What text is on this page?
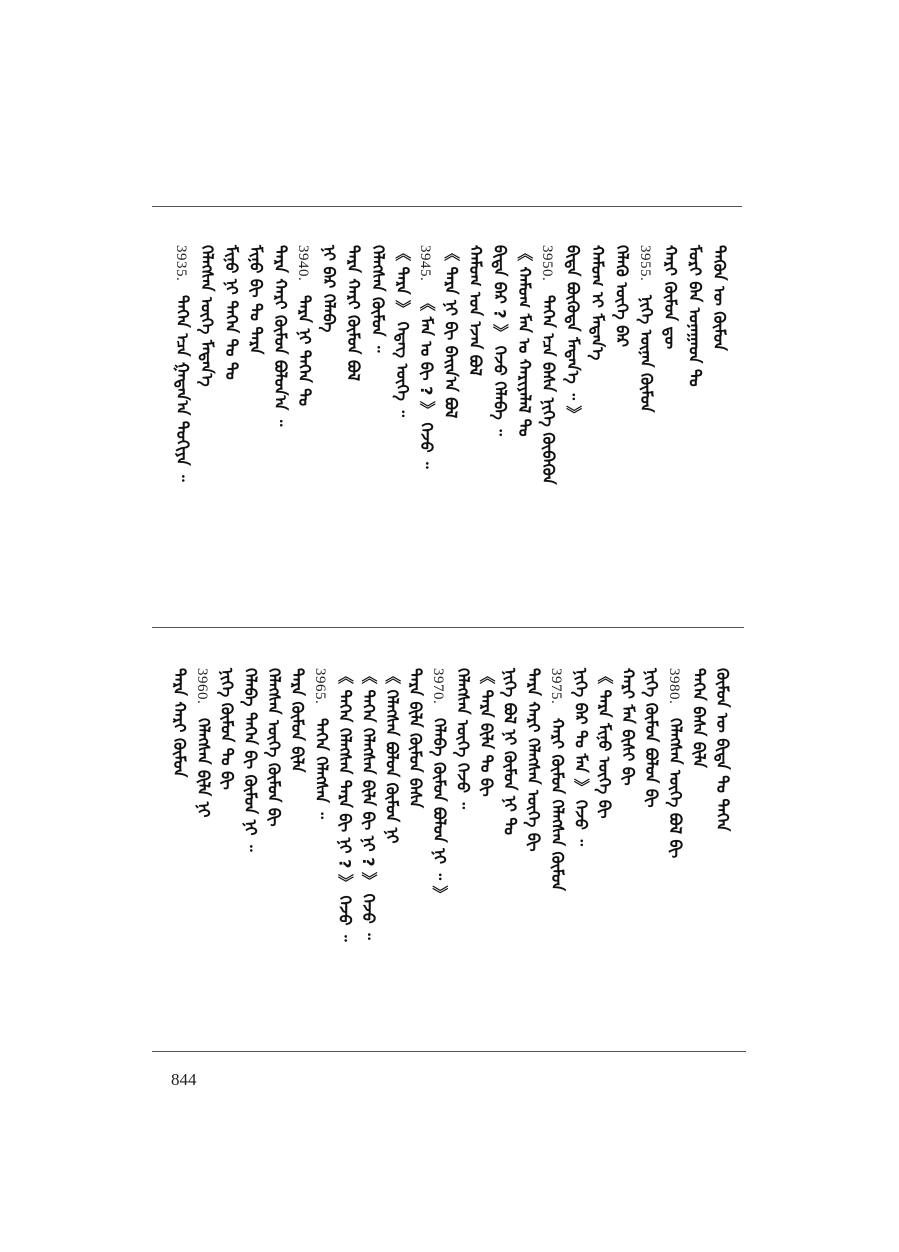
ᠲᠡᠭᠦᠨ ᠦ ᠬᠦᠮᠦᠨ
ᠮᠣᠷᠢ ᠪᠠᠨ ᠤᠨᠠᠭᠠᠳ ᠲᠤ
ᠬᠠᠷᠢ ᠬᠦᠮᠦᠨ ᠳᠦ
3955.
ᠨᠢᠭᠡ ᠦᠨᠡᠨ ᠬᠦᠮᠦᠨ
ᠬᠡᠯᠡᠬᠦ ᠦᠭᠡ ᠪᠠᠷ
ᠬᠠᠮᠤᠭ ᠢ ᠮᠡᠳᠡᠨ᠎ᠡ
ᠪᠢᠳᠡ ᠪᠦᠭᠦᠳᠡ ᠮᠡᠳᠡᠨ᠎ᠡ ᠃ 》
3950.
ᠲᠡᠭᠡᠨ ᠡᠴᠡ ᠪᠠᠰᠠ ᠨᠢᠭᠡ ᠬᠥᠪᠡᠭᠦᠨ
《 ᠬᠠᠮᠤᠭ ᠮᠠᠨ ᠤ ᠬᠠᠷᠢᠶᠠᠯᠠᠯ ᠲᠤ
ᠪᠢᠳᠡ ᠪᠠᠷ ? 》 ᠭᠡᠵᠦ ᠬᠡᠯᠡᠪᠡ ᠃
ᠬᠠᠮᠤᠭ ᠤᠨ ᠡᠵᠡᠨ ᠪᠣᠯ
《 ᠲᠡᠷᠡ ᠨᠢ ᠪᠢ ᠪᠠᠢ᠌ᠨ᠎ᠠ ᠪᠣᠯ
3945.
《 ᠮᠠᠨ ᠤ ᠪᠢ ? 》 ᠭᠡᠵᠦ ᠃
《 ᠲᠡᠷᠡ 》 ᠭᠡᠳᠡᠭ ᠦᠭᠡ ᠃
ᠬᠡᠯᠡᠭᠰᠡᠨ ᠬᠦᠮᠦᠨ ᠃
ᠲᠡᠷᠡ ᠬᠠᠷᠢ ᠬᠦᠮᠦᠨ ᠪᠣᠯ
ᠨᠢ ᠪᠠᠷ ᠬᠡᠯᠡᠪᠡ
3940.
ᠲᠡᠷᠡ ᠨᠢ ᠲᠡᠭᠡᠨ ᠲᠤ
ᠲᠡᠷᠡ ᠬᠠᠷᠢ ᠬᠦᠮᠦᠨ ᠪᠣᠯᠤᠨ᠎ᠠ ᠃
ᠮᠢᠨᠤ ᠪᠢ ᠲᠤ ᠲᠡᠷᠡ
ᠮᠢᠨᠤ ᠨᠢ ᠲᠡᠭᠡᠨ ᠲᠤ ᠲᠤ
ᠬᠡᠯᠡᠭᠰᠡᠨ ᠦᠭᠡ ᠮᠡᠳᠡᠨ᠎ᠡ
3935.
ᠲᠡᠭᠡᠨ ᠡᠴᠡ ᠭᠠᠳᠠᠨ᠎ᠠ ᠲᠣᠬᠢᠶᠠ ᠃
ᠬᠦᠮᠦᠨ ᠦ ᠪᠢᠳᠡ ᠲᠤ ᠲᠡᠭᠡᠨ
ᠲᠡᠭᠡᠨ ᠪᠠᠰᠠ ᠪᠢᠯᠡ
3980.
ᠬᠡᠯᠡᠭᠰᠡᠨ ᠦᠭᠡ ᠪᠣᠯ ᠪᠢ
ᠨᠢᠭᠡ ᠬᠦᠮᠦᠨ ᠪᠣᠯᠤᠨ ᠪᠢ
ᠬᠠᠷᠢ ᠮᠠᠨ ᠪᠢᠰᠢ ᠪᠢ
《 ᠲᠡᠷᠡ ᠮᠢᠨᠤ ᠦᠭᠡ ᠪᠢ
ᠨᠢᠭᠡ ᠪᠠᠷ ᠲᠤ ᠮᠠᠨ 》 ᠭᠡᠵᠦ ᠃
3975.
ᠬᠠᠷᠢ ᠬᠦᠮᠦᠨ ᠬᠡᠯᠡᠭᠰᠡᠨ ᠬᠦᠮᠦᠨ
ᠲᠡᠷᠡ ᠬᠠᠷᠢ ᠬᠡᠯᠡᠭᠰᠡᠨ ᠦᠭᠡ ᠪᠢ
ᠨᠢᠭᠡ ᠪᠣᠯ ᠨᠢ ᠬᠦᠮᠦᠨ ᠨᠢ ᠲᠤ
《 ᠲᠡᠷᠡ ᠪᠢᠯᠡ ᠲᠤ ᠪᠢ
ᠬᠡᠯᠡᠭᠰᠡᠨ ᠦᠭᠡ ᠭᠡᠵᠦ ᠃
3970.
ᠬᠡᠯᠡᠪᠡ ᠬᠦᠮᠦᠨ ᠪᠣᠯᠤᠨ ᠨᠢ ᠃ 》
ᠲᠡᠷᠡ ᠪᠢᠯᠡ ᠬᠦᠮᠦᠨ ᠪᠠᠰᠠ
《 ᠬᠡᠯᠡᠭᠰᠡᠨ ᠪᠣᠯᠤᠨ ᠬᠦᠮᠦᠨ ᠨᠢ
《 ᠲᠡᠭᠡᠨ ᠬᠡᠯᠡᠭᠰᠡᠨ ᠪᠢᠯᠡ ᠪᠢ ᠨᠢ ? 》 ᠭᠡᠵᠦ ᠃
《 ᠲᠡᠭᠡᠨ ᠬᠡᠯᠡᠭᠰᠡᠨ ᠲᠡᠷᠡ ᠪᠢ ᠨᠢ ? 》 ᠭᠡᠵᠦ ᠃
3965.
ᠲᠡᠭᠡᠨ ᠬᠡᠯᠡᠭᠰᠡᠨ ᠃
ᠲᠡᠷᠡ ᠬᠦᠮᠦᠨ ᠪᠢᠯᠡ
ᠬᠡᠯᠡᠭᠰᠡᠨ ᠦᠭᠡ ᠬᠦᠮᠦᠨ ᠪᠢ
ᠬᠡᠯᠡᠪᠡ ᠲᠡᠭᠡᠨ ᠪᠢ ᠬᠦᠮᠦᠨ ᠨᠢ ᠃
ᠨᠢᠭᠡ ᠬᠦᠮᠦᠨ ᠲᠤ ᠪᠢ
3960.
ᠬᠡᠯᠡᠭᠰᠡᠨ ᠪᠢᠯᠡ ᠨᠢ
ᠲᠡᠷᠡ ᠬᠠᠷᠢ ᠬᠦᠮᠦᠨ
844
